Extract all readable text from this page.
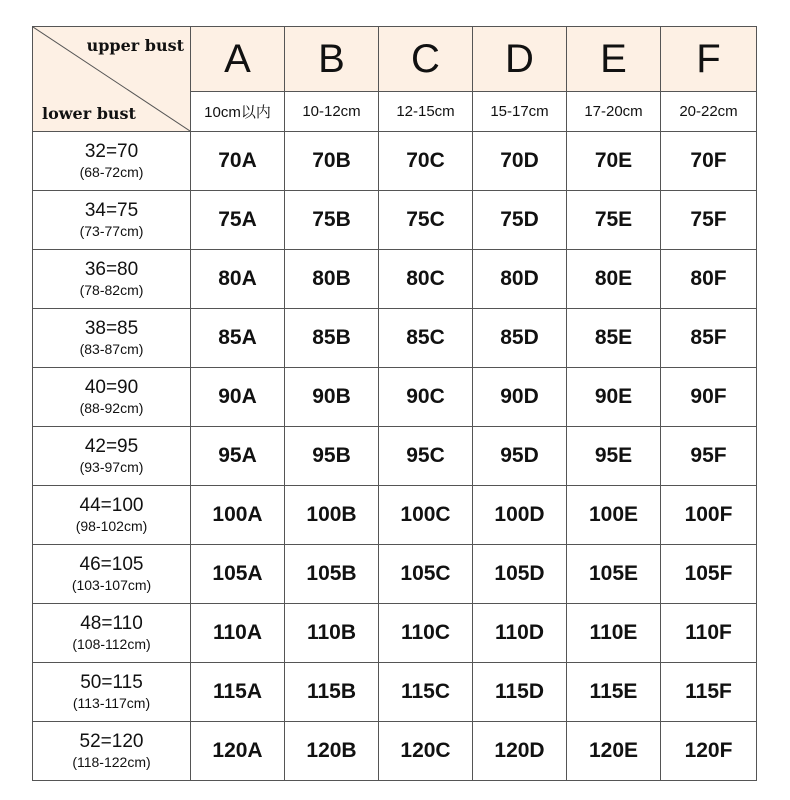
upper bust
lower bust	A	B	C	D	E	F
	10cm以内	10-12cm	12-15cm	15-17cm	17-20cm	20-22cm

32=70
(68-72cm)	70A	70B	70C	70D	70E	70F

34=75
(73-77cm)	75A	75B	75C	75D	75E	75F

36=80
(78-82cm)	80A	80B	80C	80D	80E	80F

38=85
(83-87cm)	85A	85B	85C	85D	85E	85F

40=90
(88-92cm)	90A	90B	90C	90D	90E	90F

42=95
(93-97cm)	95A	95B	95C	95D	95E	95F

44=100
(98-102cm)	100A	100B	100C	100D	100E	100F

46=105
(103-107cm)	105A	105B	105C	105D	105E	105F

48=110
(108-112cm)	110A	110B	110C	110D	110E	110F

50=115
(113-117cm)	115A	115B	115C	115D	115E	115F

52=120
(118-122cm)	120A	120B	120C	120D	120E	120F
